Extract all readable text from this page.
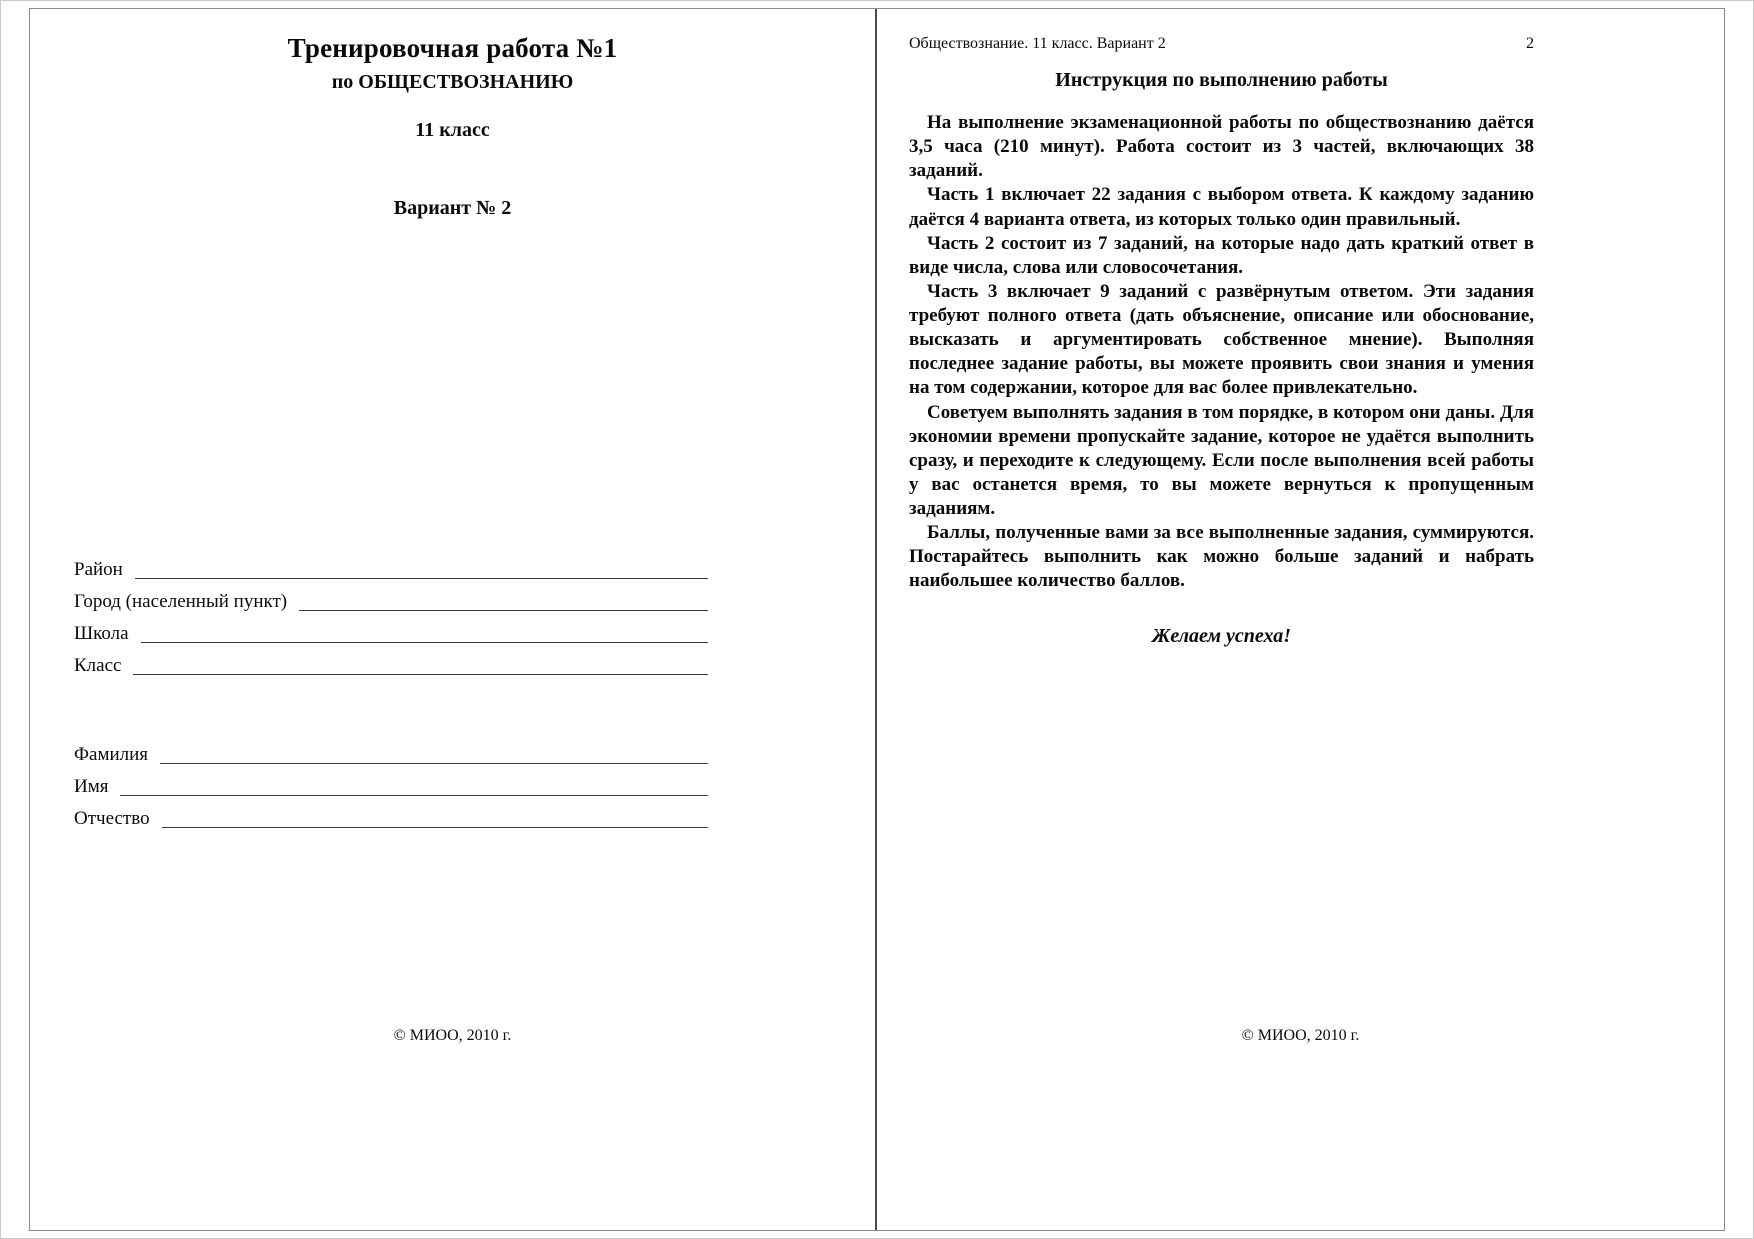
Тренировочная работа №1
по ОБЩЕСТВОЗНАНИЮ
11 класс
Вариант № 2
Район
Город (населенный пункт)
Школа
Класс
Фамилия
Имя
Отчество
© МИОО, 2010 г.
Обществознание. 11 класс. Вариант 2	2
Инструкция по выполнению работы

На выполнение экзаменационной работы по обществознанию даётся 3,5 часа (210 минут). Работа состоит из 3 частей, включающих 38 заданий.

Часть 1 включает 22 задания с выбором ответа. К каждому заданию даётся 4 варианта ответа, из которых только один правильный.

Часть 2 состоит из 7 заданий, на которые надо дать краткий ответ в виде числа, слова или словосочетания.

Часть 3 включает 9 заданий с развёрнутым ответом. Эти задания требуют полного ответа (дать объяснение, описание или обоснование, высказать и аргументировать собственное мнение). Выполняя последнее задание работы, вы можете проявить свои знания и умения на том содержании, которое для вас более привлекательно.

Советуем выполнять задания в том порядке, в котором они даны. Для экономии времени пропускайте задание, которое не удаётся выполнить сразу, и переходите к следующему. Если после выполнения всей работы у вас останется время, то вы можете вернуться к пропущенным заданиям.

Баллы, полученные вами за все выполненные задания, суммируются. Постарайтесь выполнить как можно больше заданий и набрать наибольшее количество баллов.

Желаем успеха!
© МИОО, 2010 г.
